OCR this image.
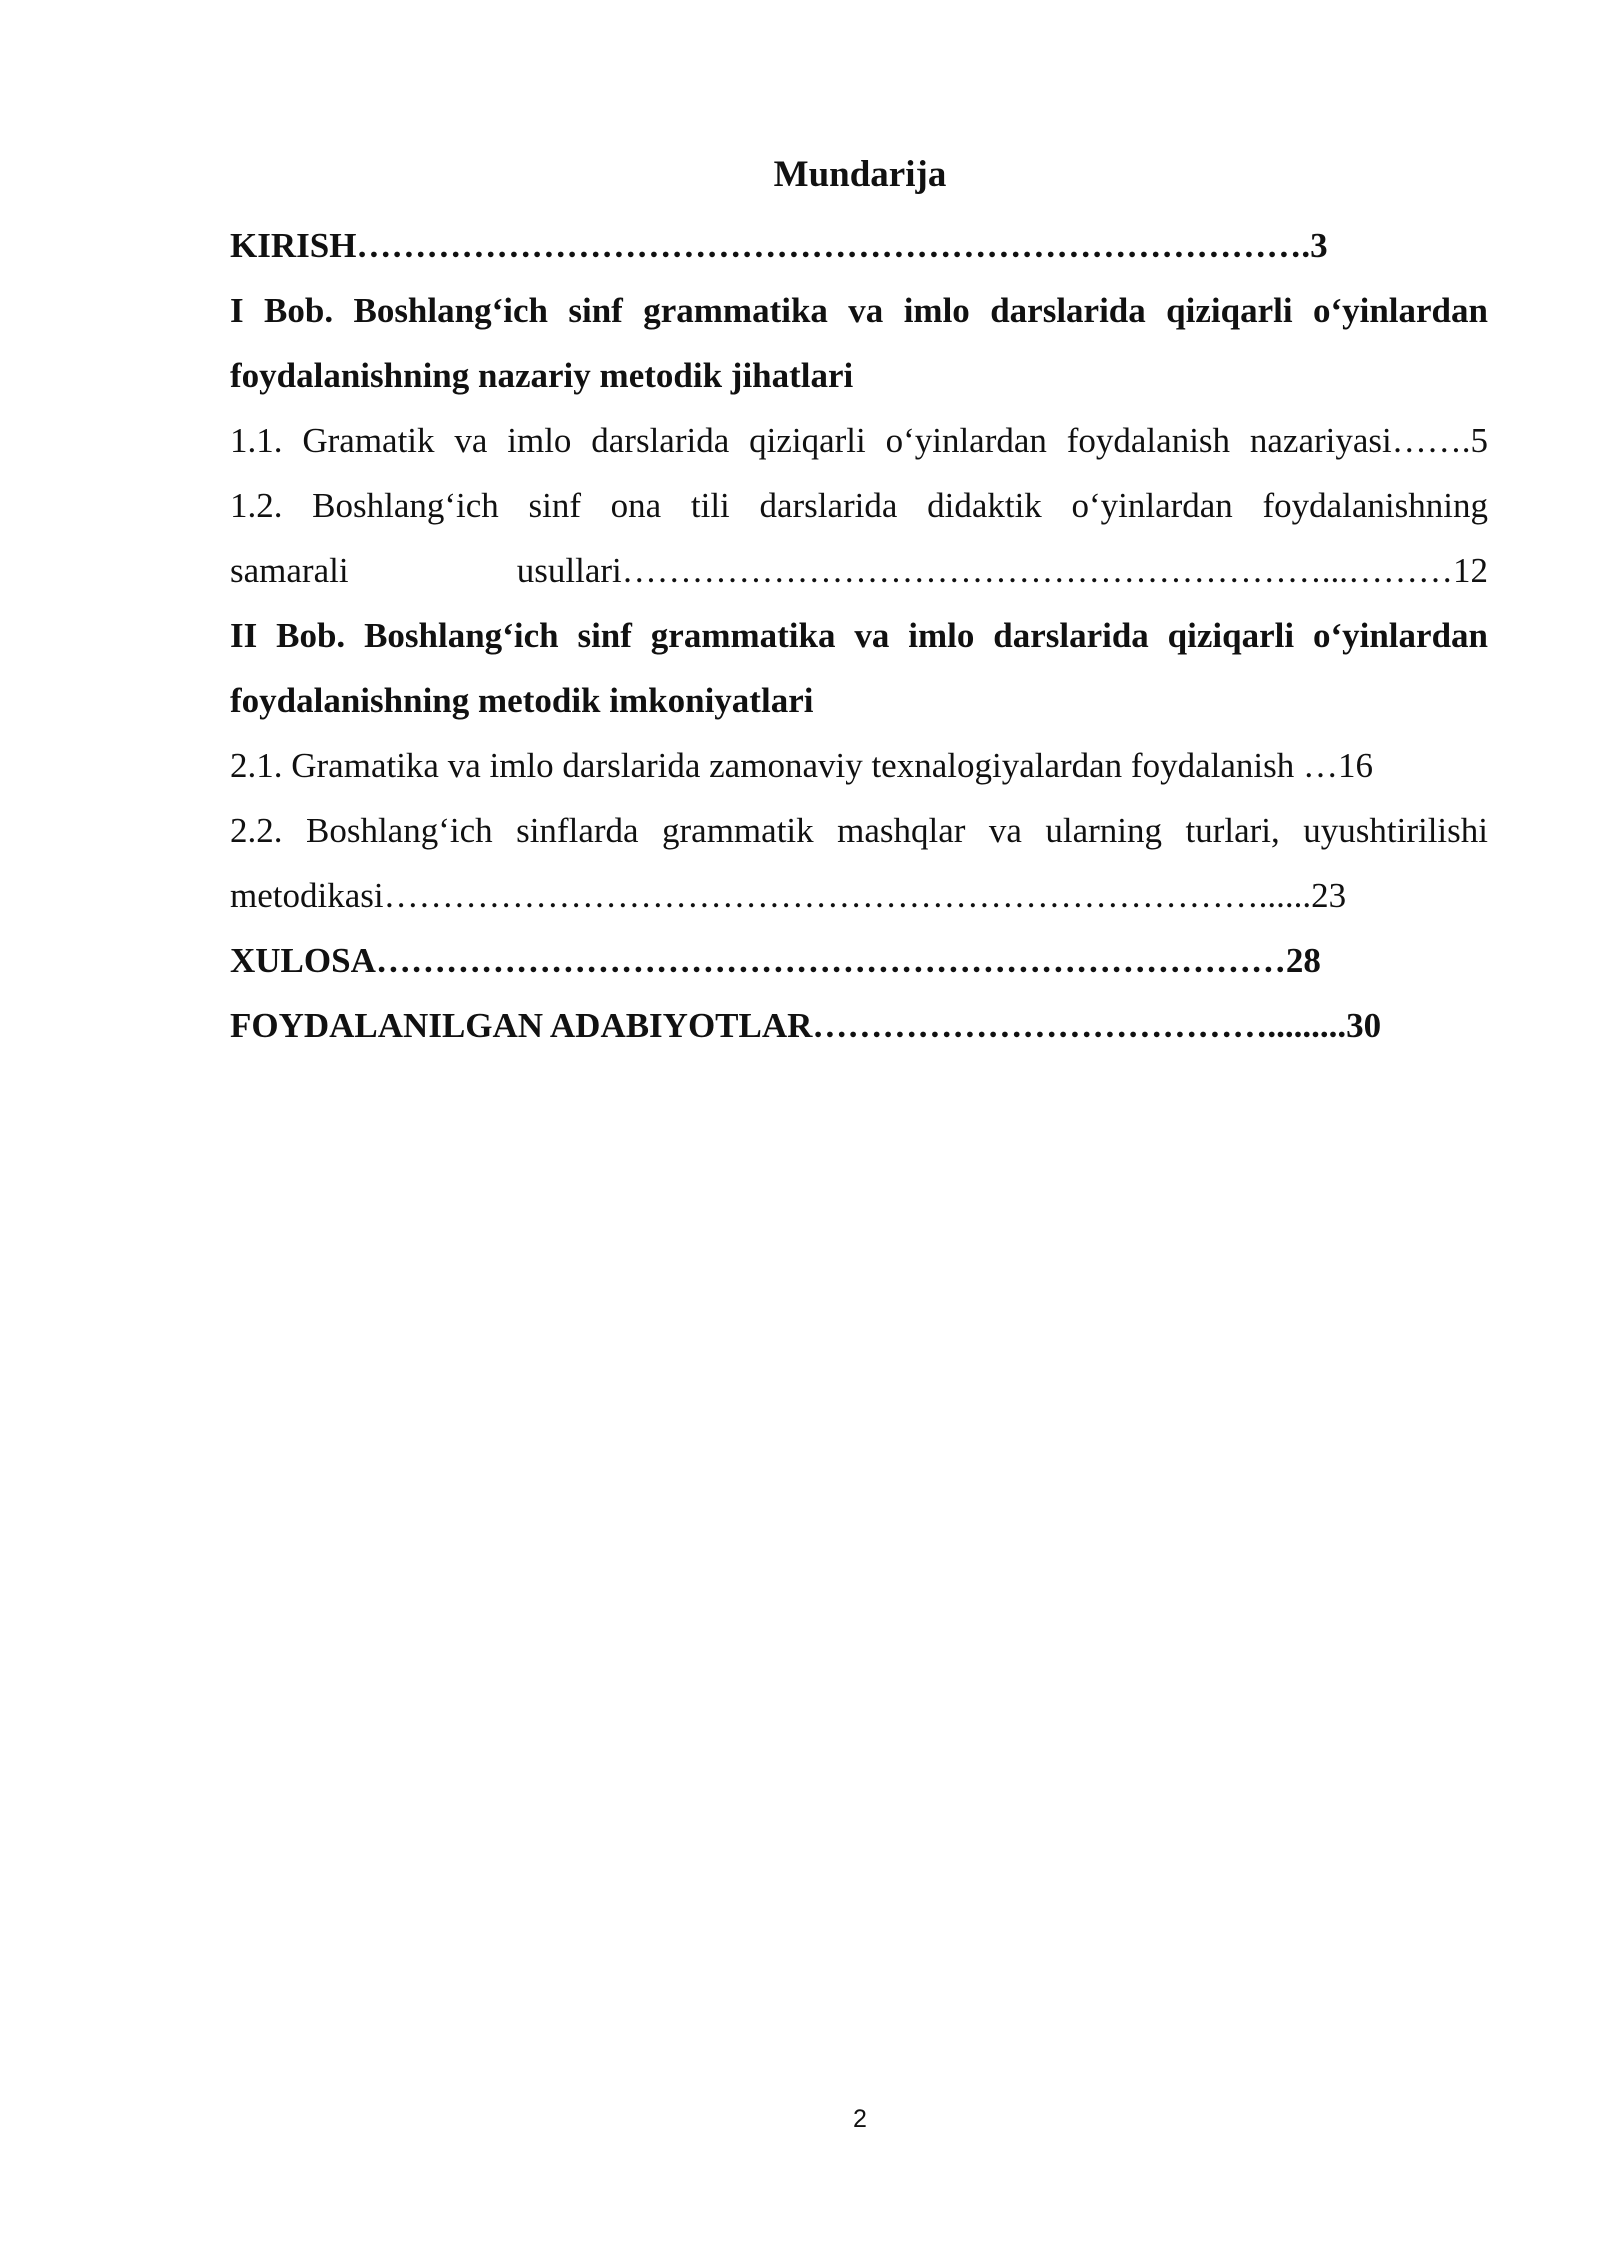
Mundarija
KIRISH……………………………………………………………………….3
I Bob. Boshlang‘ich sinf grammatika va imlo darslarida qiziqarli o‘yinlardan
foydalanishning nazariy metodik jihatlari
1.1. Gramatik va imlo darslarida qiziqarli o‘yinlardan foydalanish nazariyasi…….5
1.2. Boshlang‘ich sinf ona tili darslarida didaktik o‘yinlardan foydalanishning
samarali usullari……………………………………………………...………12
II Bob. Boshlang‘ich sinf grammatika va imlo darslarida qiziqarli o‘yinlardan
foydalanishning metodik imkoniyatlari
2.1. Gramatika va imlo darslarida zamonaviy texnalogiyalardan foydalanish …16
2.2. Boshlang‘ich sinflarda grammatik mashqlar va ularning turlari, uyushtirilishi
metodikasi…………………………………………………………………......23
XULOSA……………………………………………………………………28
FOYDALANILGAN ADABIYOTLAR………………………………….........30
2
